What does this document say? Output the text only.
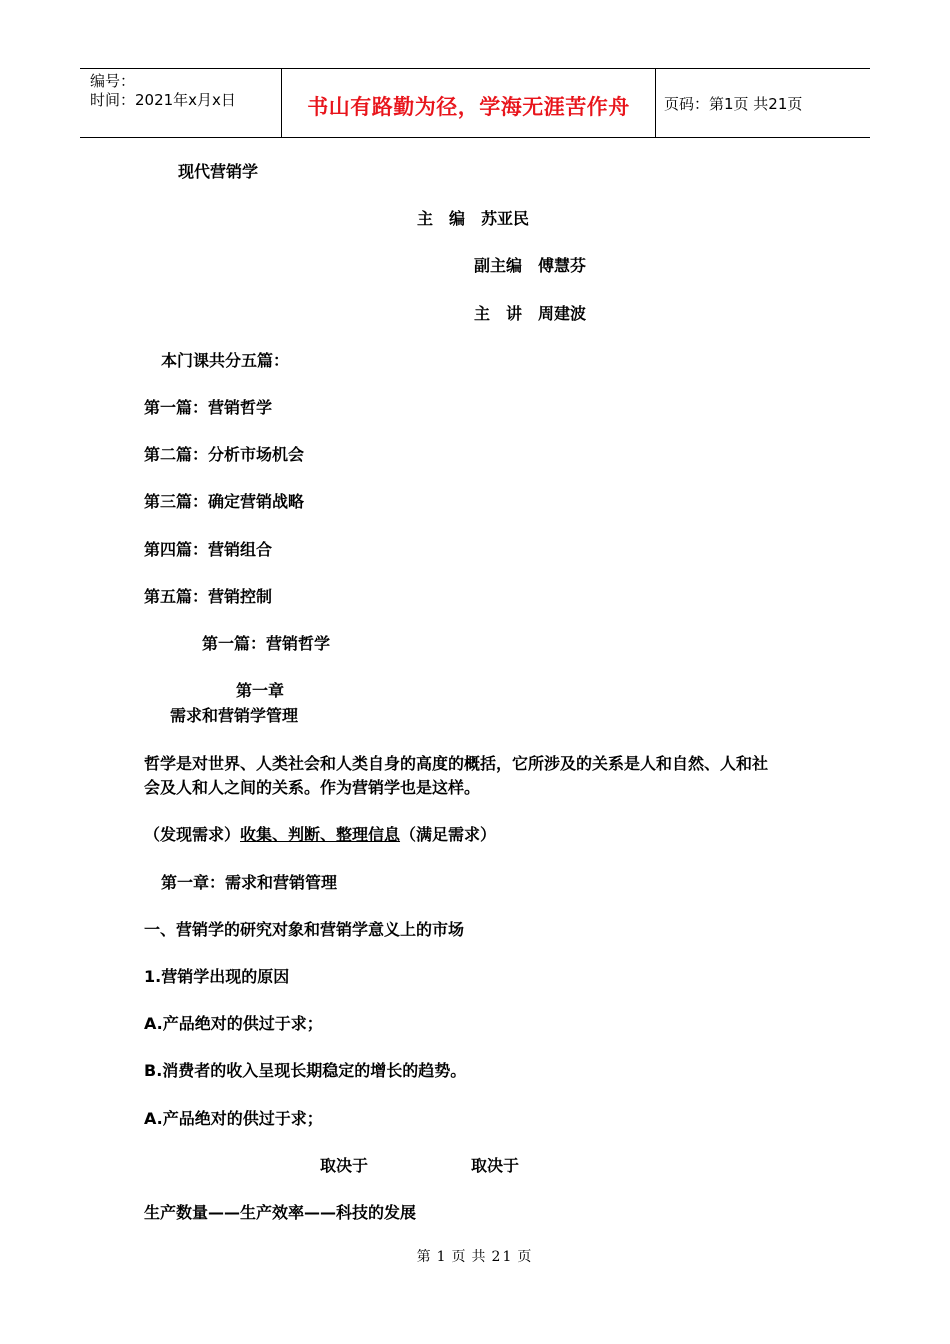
编号：
时间：2021年x月x日	书山有路勤为径，学海无涯苦作舟	页码：第1页 共21页
现代营销学
主　编　苏亚民
副主编　傅慧芬
主　讲　周建波
本门课共分五篇：
第一篇：营销哲学
第二篇：分析市场机会
第三篇：确定营销战略
第四篇：营销组合
第五篇：营销控制
第一篇：营销哲学
第一章
需求和营销学管理
哲学是对世界、人类社会和人类自身的高度的概括，它所涉及的关系是人和自然、人和社
会及人和人之间的关系。作为营销学也是这样。
（发现需求）收集、判断、整理信息（满足需求）
第一章：需求和营销管理
一、营销学的研究对象和营销学意义上的市场
1.营销学出现的原因
A.产品绝对的供过于求；
B.消费者的收入呈现长期稳定的增长的趋势。
A.产品绝对的供过于求；
取决于	取决于
生产数量——生产效率——科技的发展
第 1 页 共 21 页
